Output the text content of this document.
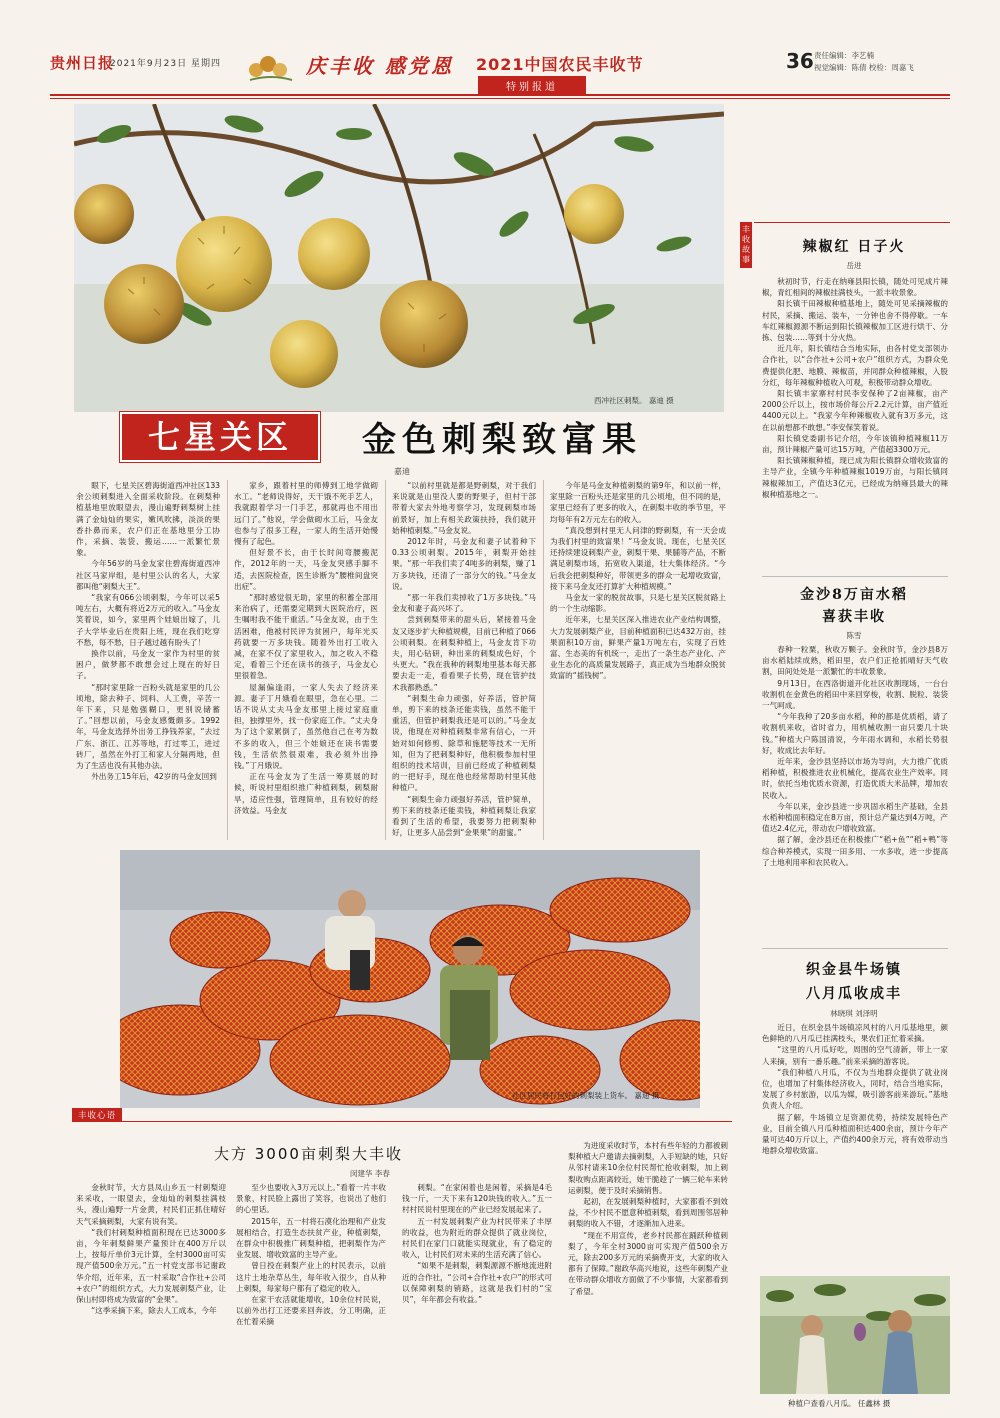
贵州日报
2021年9月23日 星期四	庆丰收 感党恩 2021中国农民丰收节
特别报道
36 责任编辑：李艺楠
视觉编辑：陈倩 校检：周嘉飞
西冲社区刺梨。 嘉迪 摄
七星关区	金色刺梨致富果
嘉迪

眼下，七星关区碧海街道西冲社区133余公顷刺梨进入全面采收阶段。在刺梨种植基地里放眼望去，漫山遍野刺梨树上挂满了金灿灿的果实，嫩风吹拂，淡淡的果香扑鼻而来，农户们正在基地里分工协作，采摘、装袋、搬运……一派繁忙景象。

今年56岁的马金友家住碧海街道西冲社区马家岸组，是村里公认的名人，大家都叫他“刺梨大王”。

“我家有066公顷刺梨，今年可以采5吨左右，大概有将近2万元的收入。”马金友笑着说，如今，家里两个娃娘出嫁了，儿子大学毕业后在贵阳上班，现在我们吃穿不愁，每不愁，日子越过越有盼头了！

换作以前，马金友一家作为村里的贫困户，做梦都不敢想会过上现在的好日子。

“那时家里除一百粉头就是家里的几公顷地，除去种子、饲料、人工费，辛苦一年下来，只是勉强糊口，更别说储蓄了。”回想以前，马金友感慨颇多。1992年，马金友选择外出务工挣钱养家，“去过广东、浙江、江苏等地，打过零工，进过砖厂，虽然在外打工和家人分隔两地，但为了生活也没有其他办法。

外出务工15年后，42岁的马金友回到

家乡，跟着村里的师傅到工地学做砌水工。“老师说得好，天干饿不死手艺人，我就跟着学习一门手艺，那就再也不用出远门了。”他说，学会做砌水工后，马金友也参与了很多工程，一家人的生活开始慢慢有了起色。

但好景不长，由于长时间弯腰搬泥作，2012年的一天，马金友突感手脚不适，去医院检查，医生诊断为“腰椎间盘突出症”。

“那时感觉很无助，家里的积蓄全部用来治病了，还需要定期到大医院治疗，医生嘱咐我不能干重活。”马金友说，由于生活困难，他被村民评为贫困户，每年光买药就要一万多块钱。随着外出打工收入减，在家不仅了家里收入，加之收入不稳定，看着三个还在读书的孩子，马金友心里很着急。

屋漏偏逢雨，一家人失去了经济来源。妻子丁月娥看在眼里，急在心里。二话不说从丈夫马金友那里上接过家庭重担，独撑里外，找一份家庭工作。“丈夫身为了这个家累倒了，虽然他自己在考为数不多的收入，但三个娃娘还在读书需要钱，生活依然很艰难，我必须外出挣钱。”丁月娥说。

正在马金友为了生活一筹莫展的时候，听说村里组织推广种植刺梨，刺梨耐旱，适应性强，管理简单，且有较好的经济效益。马金友

“以前村里就是都是野刺梨，对于我们来说就是山里没人要的野果子，但村干部带着大家去外地考察学习，发现刺梨市场前景好，加上有相关政策扶持，我们就开始种植刺梨。”马金友说。

2012年时，马金友和妻子试着种下0.33公顷刺梨。2015年，刺梨开始挂果。“那一年我们卖了4吨多的刺梨，赚了1万多块钱，还清了一部分欠的钱。”马金友说。

“那一年我们卖掉收了1万多块钱。”马金友和妻子高兴坏了。

尝到刺梨带来的甜头后，紧接着马金友又逐步扩大种植规模，目前已种植了066公顷刺梨。在刺梨种植上，马金友肯下功夫，用心钻研，种出来的刺梨成色好，个头更大。“我在我种的刺梨地里基本每天都要去走一走，看看果子长势，现在管护技术我都熟悉。”

“刺梨生命力顽强，好养活，管护简单，剪下来的枝条还能卖钱，虽然不能干重活，但管护刺梨我还是可以的。”马金友说，他现在对种植刺梨非常有信心，一开始对如何修剪、除草和施肥等技术一无所知，但为了把刺梨种好，他积极参加村里组织的技术培训，目前已经成了种植刺梨的一把好手，现在他也经常帮助村里其他种植户。

“刺梨生命力顽强好养活，管护简单，剪下来的枝条还能卖钱，种植刺梨让我家看到了生活的希望，我要努力把刺梨种好，让更多人品尝到“金果果”的甜蜜。”

今年是马金友种植刺梨的第9年，和以前一样，家里除一百粉头还是家里的几公顷地，但不同的是，家里已经有了更多的收入，在刺梨丰收的季节里，平均每年有2万元左右的收入。

“真没想到村里无人问津的野刺梨，有一天会成为我们村里的致富果！”马金友说。现在，七星关区还持续建设刺梨产业，刺梨干果、果脯等产品，不断满足刺梨市场，拓宽收入渠道，壮大集体经济。“今后我会把刺梨种好，带领更多的群众一起增收致富，接下来马金友还打算扩大种植规模。”

马金友一家的脱贫故事，只是七星关区脱贫路上的一个生动缩影。

近年来，七星关区深入推进农业产业结构调整，大力发展刺梨产业，目前种植面积已达432万亩，挂果面积10万亩，鲜果产量1万吨左右，实现了百姓富、生态美的有机统一，走出了一条生态产业化、产业生态化的高质量发展路子，真正成为当地群众脱贫致富的“摇钱树”。

社区居民将打包好的刺梨装上货车。 嘉迪 摄
丰收心语
大方 3000亩刺梨大丰收
闵建华 李春

金秋时节，大方县凤山乡五一村刺梨迎来采收，一眼望去，金灿灿的刺梨挂满枝头，漫山遍野一片金黄，村民们正抓住晴好天气采摘刺梨，大家有说有笑。

“我们村刺梨种植面积现在已达3000多亩，今年刺梨鲜果产量预计在400万斤以上，按每斤单价3元计算，全村3000亩可实现产值500余万元。”五一村党支部书记谢政华介绍，近年来，五一村采取“合作社+公司+农户”的组织方式，大力发展刺梨产业，让保山村即将成为致富的“金果”。

“这季采摘下来，除去人工成本，今年

至少也要收入3万元以上。”看着一片丰收景象，村民脸上露出了笑容，也说出了他们的心里话。

2015年，五一村将石漠化治理和产业发展相结合，打造生态扶贫产业，种植刺梨，在群众中积极推广刺梨种植，把刺梨作为产业发展、增收致富的主导产业。

曾日投在刺梨产业上的村民表示，以前这片土地杂草丛生，每年收入很少，自从种上刺梨，每家每户都有了稳定的收入。

在家干农活就能增收，10余位村民说，以前外出打工还要来回奔波，分工明确，正在忙着采摘

刺梨。“在家闲着也是闲着，采摘是4毛钱一斤，一天下来有120块钱的收入。”五一村村民说村里现在的产业已经发展起来了。

五一村发展刺梨产业为村民带来了丰厚的收益，也为附近的群众提供了就业岗位，村民们在家门口就能实现就业，有了稳定的收入，让村民们对未来的生活充满了信心。

“如果不是刺梨，刺梨源源不断地流进附近的合作社，“公司+合作社+农户”的形式可以保障刺梨的销路，这就是我们村的“宝贝”，年年都会有收益。”

为进度采收时节，本村有些年轻的力都被刺梨种植大户邀请去摘刺梨，入手短缺的她，只好从邻村请来10余位村民帮忙抢收刺梨，加上刺梨收购点距离较近，她干脆趁了一辆三轮车来转运刺梨，便于及时采摘销售。

起初，在发展刺梨种植时，大家都看不到效益，不少村民不愿意种植刺梨，看到周围邻居种刺梨的收入不错，才逐渐加入进来。

“现在不用宣传，老乡村民都在踊跃种植刺梨了，今年全村3000亩可实现产值500余万元，除去200多万元的采摘费开支，大家的收入都有了保障。”谢政华高兴地说，这些年刺梨产业在带动群众增收方面做了不少事情，大家都看到了希望。

丰收故事
辣椒红 日子火
岳进

秋初时节，行走在纳雍县阳长镇，随处可见成片辣椒，青红相间的辣椒挂满枝头，一派丰收景象。

阳长镇干田辣椒种植基地上，随处可见采摘辣椒的村民，采摘、搬运、装车，一分钟也舍不得停歇。一车车红辣椒源源不断运到阳长镇辣椒加工区进行烘干、分拣、包装……等到十分火热。

近几年，阳长镇结合当地实际，由各村党支部领办合作社，以“合作社+公司+农户”组织方式，为群众免费提供化肥、地膜、辣椒苗，并同群众种植辣椒，入股分红，每年辣椒种植收入可观，积极带动群众增收。

阳长镇丰家寨村村民李安保种了2亩辣椒，亩产2000公斤以上，按市场价每公斤2.2元计算，亩产值近4400元以上。“我家今年种辣椒收入就有3万多元，这在以前想都不敢想。”李安保笑着说。

阳长镇党委副书记介绍，今年该镇种植辣椒11万亩，预计辣椒产量可达15万吨，产值超3300万元。

阳长镇辣椒种植，现已成为阳长镇群众增收致富的主导产业，全镇今年种植辣椒1019万亩，与阳长镇同辣椒辣加工，产值达3亿元，已经成为纳雍县最大的辣椒种植基地之一。

金沙8万亩水稻
喜获丰收
陈雪

春种一粒粟，秋收万颗子。金秋时节，金沙县8万亩水稻陆续成熟，稻田里，农户们正抢抓晴好天气收割，田间处处是一派繁忙的丰收景象。

9月13日，在西洛街道开化社区收割现场，一台台收割机在金黄色的稻田中来回穿梭，收割、脱粒、装袋一气呵成。

“今年我种了20多亩水稻，种的都是优质稻，请了收割机来收，省时省力，用机械收割一亩只要几十块钱。”种植大户陈国清说，今年雨水调和，水稻长势很好，收成比去年好。

近年来，金沙县坚持以市场为导向，大力推广优质稻种植，积极推进农业机械化，提高农业生产效率。同时，依托当地优质水资源，打造优质大米品牌，增加农民收入。

今年以来，金沙县进一步巩固水稻生产基础，全县水稻种植面积稳定在8万亩，预计总产量达到4万吨，产值达2.4亿元，带动农户增收致富。

据了解，金沙县还在积极推广“稻+鱼”“稻+鸭”等综合种养模式，实现一田多用、一水多收，进一步提高了土地利用率和农民收入。

织金县牛场镇
八月瓜收成丰
林晓琪 刘泽明

近日，在织金县牛场镇凉风村的八月瓜基地里，颜色鲜艳的八月瓜已挂满枝头，果农们正忙着采摘。

“这里的八月瓜好吃，周围的空气清新，带上一家人来摘，别有一番乐趣。”前来采摘的游客说。

“我们种植八月瓜，不仅为当地群众提供了就业岗位，也增加了村集体经济收入，同时，结合当地实际，发展了乡村旅游，以瓜为媒，吸引游客前来游玩。”基地负责人介绍。

据了解，牛场镇立足资源优势，持续发展特色产业，目前全镇八月瓜种植面积达400余亩，预计今年产量可达40万斤以上，产值约400余万元，将有效带动当地群众增收致富。

种植户查看八月瓜。 任鑫林 摄
